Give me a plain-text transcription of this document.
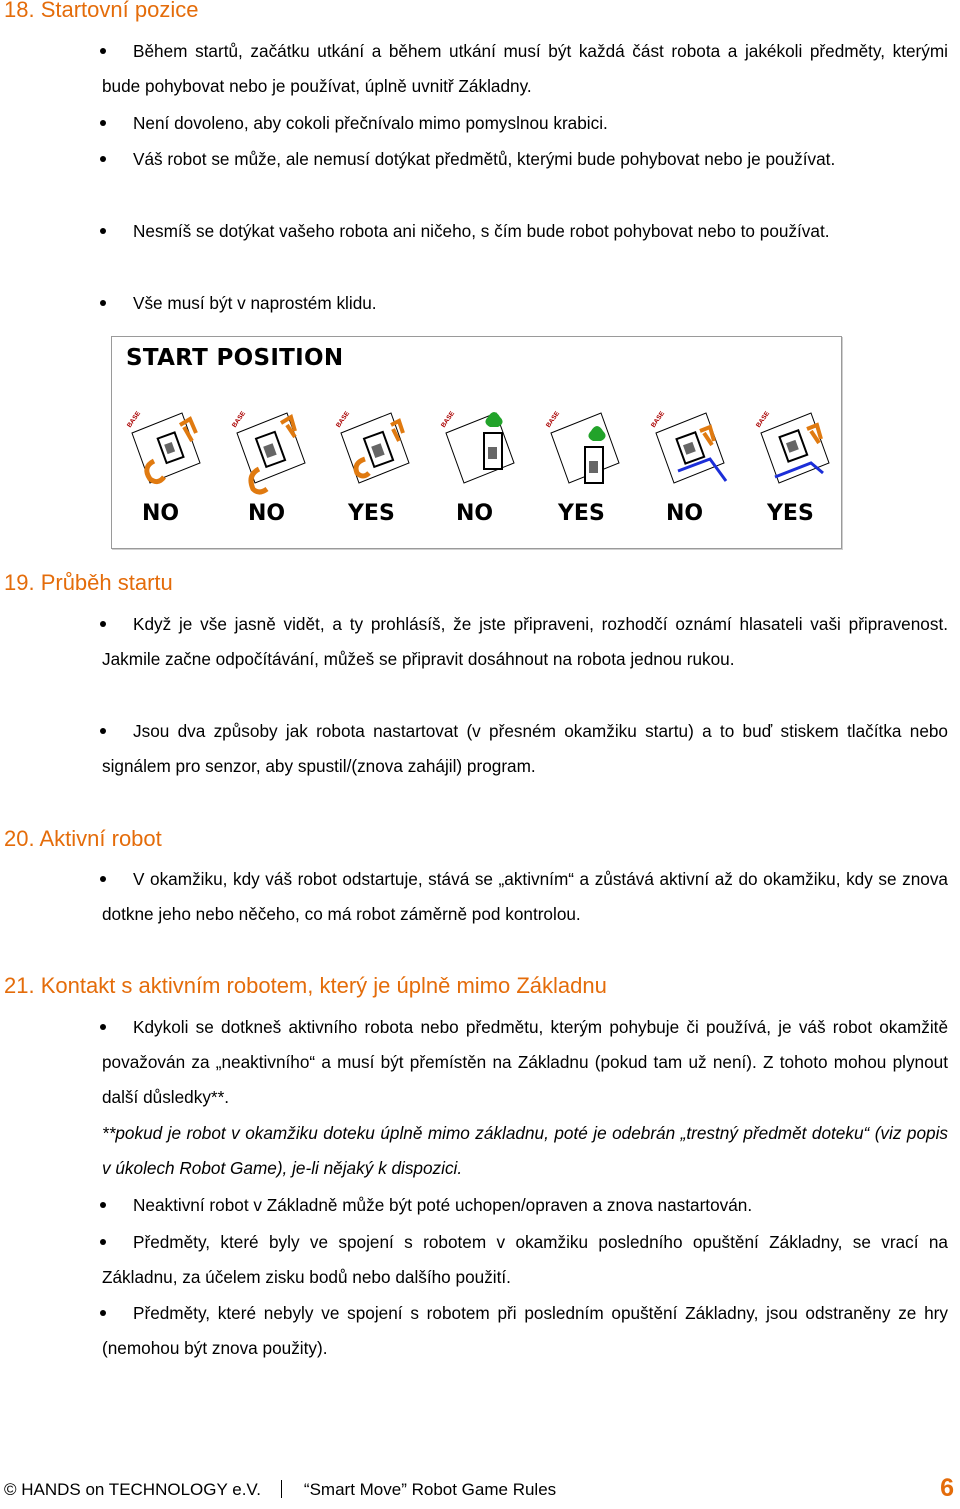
18. Startovní pozice
Během startů, začátku utkání a během utkání musí být každá část robota a jakékoli předměty, kterými bude pohybovat nebo je používat, úplně uvnitř Základny.
Není dovoleno, aby cokoli přečnívalo mimo pomyslnou krabici.
Váš robot se může, ale nemusí dotýkat předmětů, kterými bude pohybovat nebo je používat.
Nesmíš se dotýkat vašeho robota ani ničeho, s čím bude robot pohybovat nebo to používat.
Vše musí být v naprostém klidu.
START POSITION
BASE	BASE	BASE	BASE	BASE	BASE	BASE
NO	NO	YES	NO	YES	NO	YES
19. Průběh startu
Když je vše jasně vidět, a ty prohlásíš, že jste připraveni, rozhodčí oznámí hlasateli vaši připravenost. Jakmile začne odpočítávání, můžeš se připravit dosáhnout na robota jednou rukou.
Jsou dva způsoby jak robota nastartovat (v přesném okamžiku startu) a to buď stiskem tlačítka nebo signálem pro senzor, aby spustil/(znova zahájil) program.
20. Aktivní robot
V okamžiku, kdy váš robot odstartuje, stává se „aktivním“ a zůstává aktivní až do okamžiku, kdy se znova dotkne jeho nebo něčeho, co má robot záměrně pod kontrolou.
21. Kontakt s aktivním robotem, který je úplně mimo Základnu
Kdykoli se dotkneš aktivního robota nebo předmětu, kterým pohybuje či používá, je váš robot okamžitě považován za „neaktivního“ a musí být přemístěn na Základnu (pokud tam už není). Z tohoto mohou plynout další důsledky**.
**pokud je robot v okamžiku doteku úplně mimo základnu, poté je odebrán „trestný předmět doteku“ (viz popis v úkolech Robot Game), je-li nějaký k dispozici.
Neaktivní robot v Základně může být poté uchopen/opraven a znova nastartován.
Předměty, které byly ve spojení s robotem v okamžiku posledního opuštění Základny, se vrací na Základnu, za účelem zisku bodů nebo dalšího použití.
Předměty, které nebyly ve spojení s robotem při posledním opuštění Základny, jsou odstraněny ze hry (nemohou být znova použity).
© HANDS on TECHNOLOGY e.V.	“Smart Move” Robot Game Rules	6
